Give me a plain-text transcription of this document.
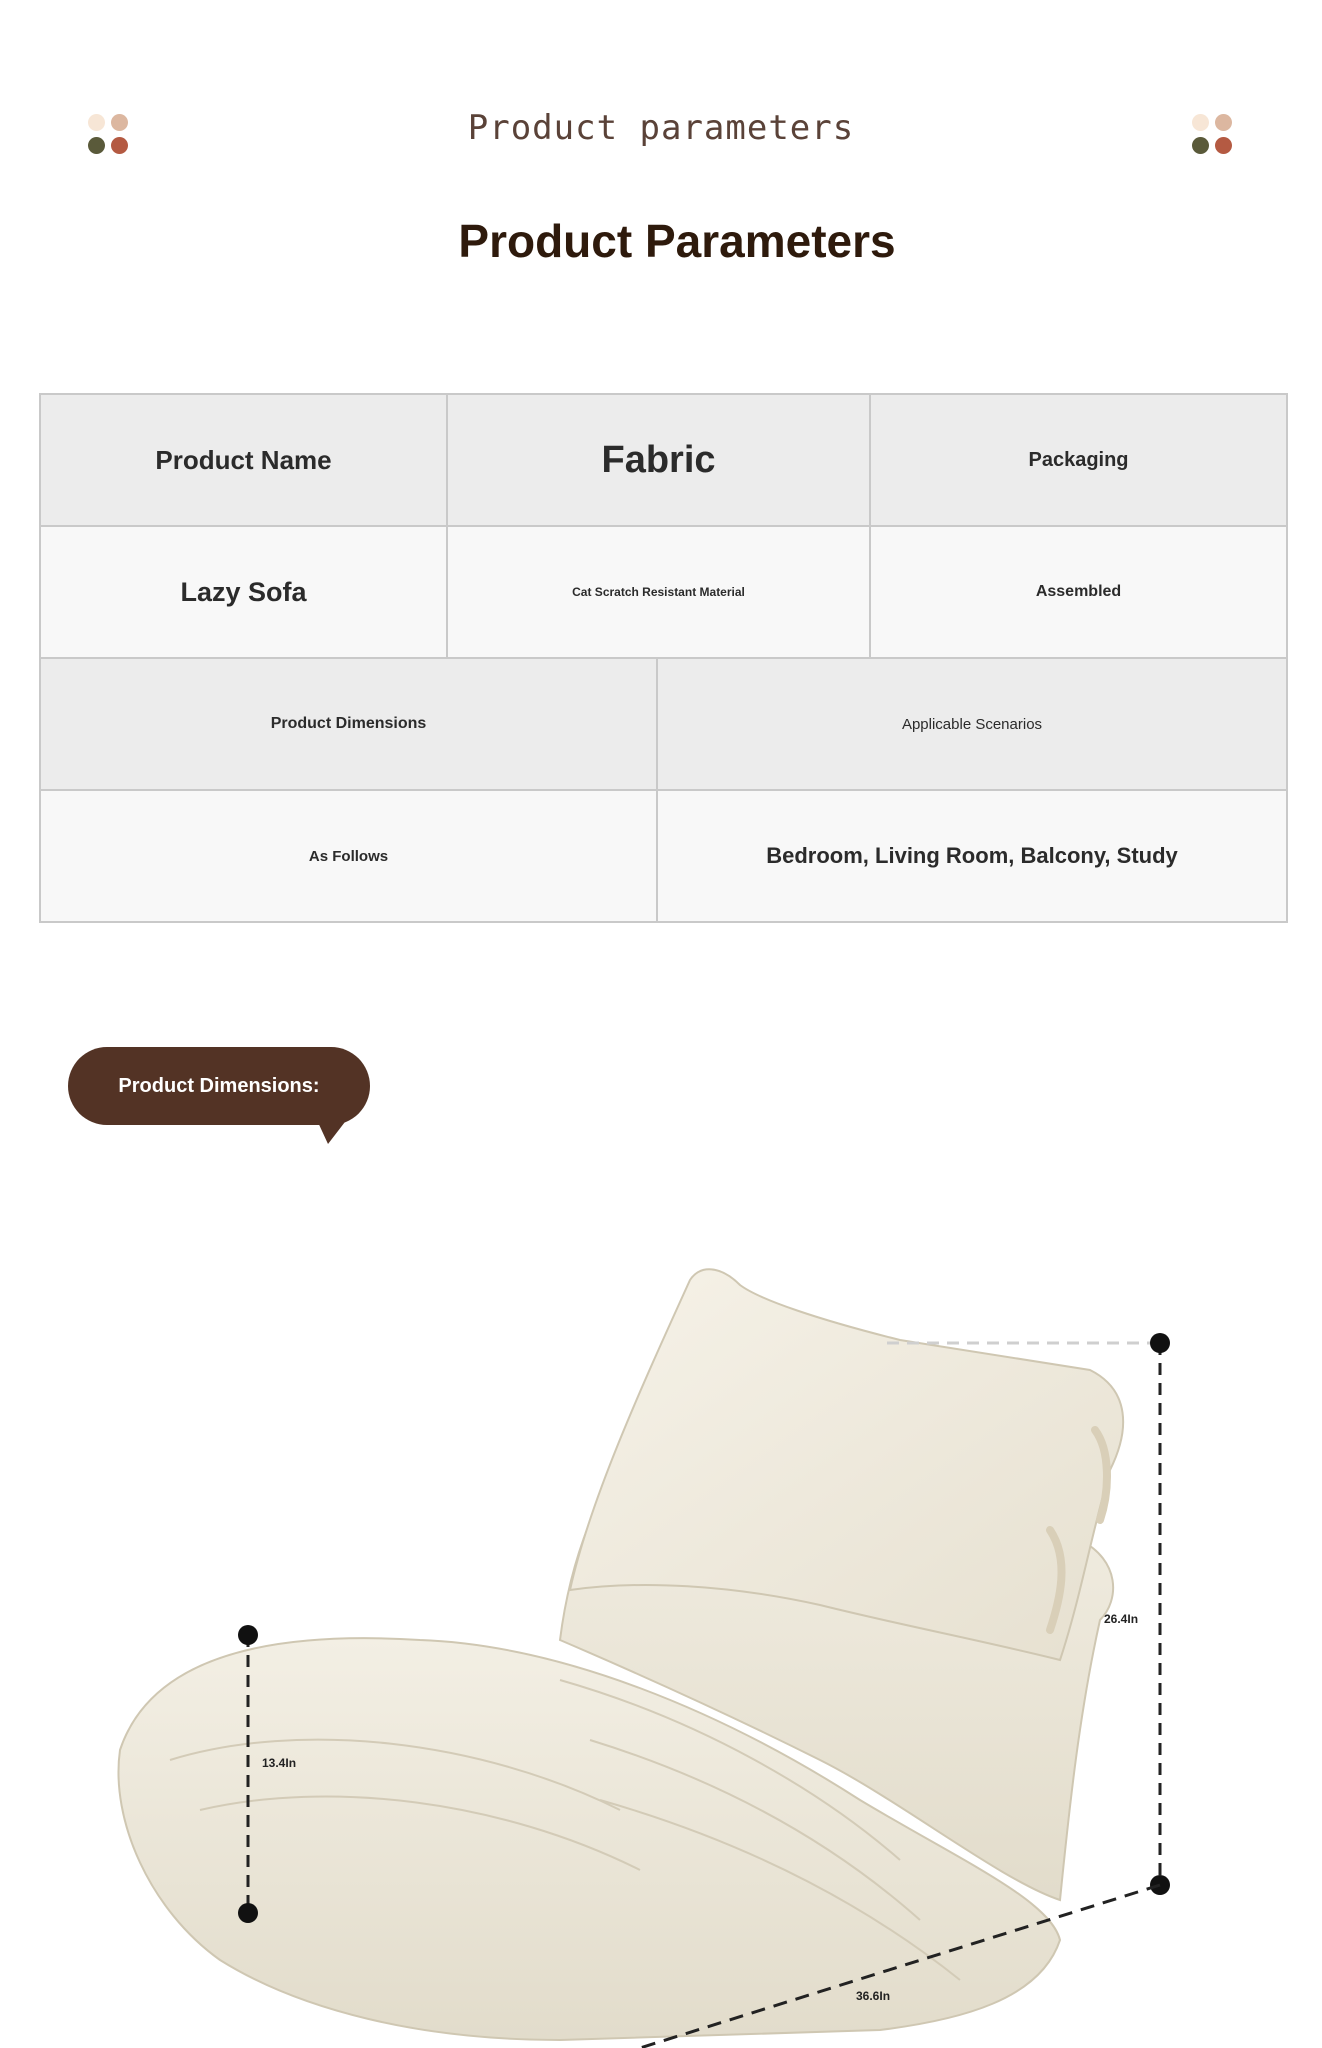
Product parameters
Product Parameters
Product Name	Fabric		Packaging
Lazy Sofa	Cat Scratch Resistant Material		Assembled
Product Dimensions		Applicable Scenarios	
As Follows		Bedroom, Living Room, Balcony, Study	
Product Dimensions:
26.4In
13.4In
36.6In
